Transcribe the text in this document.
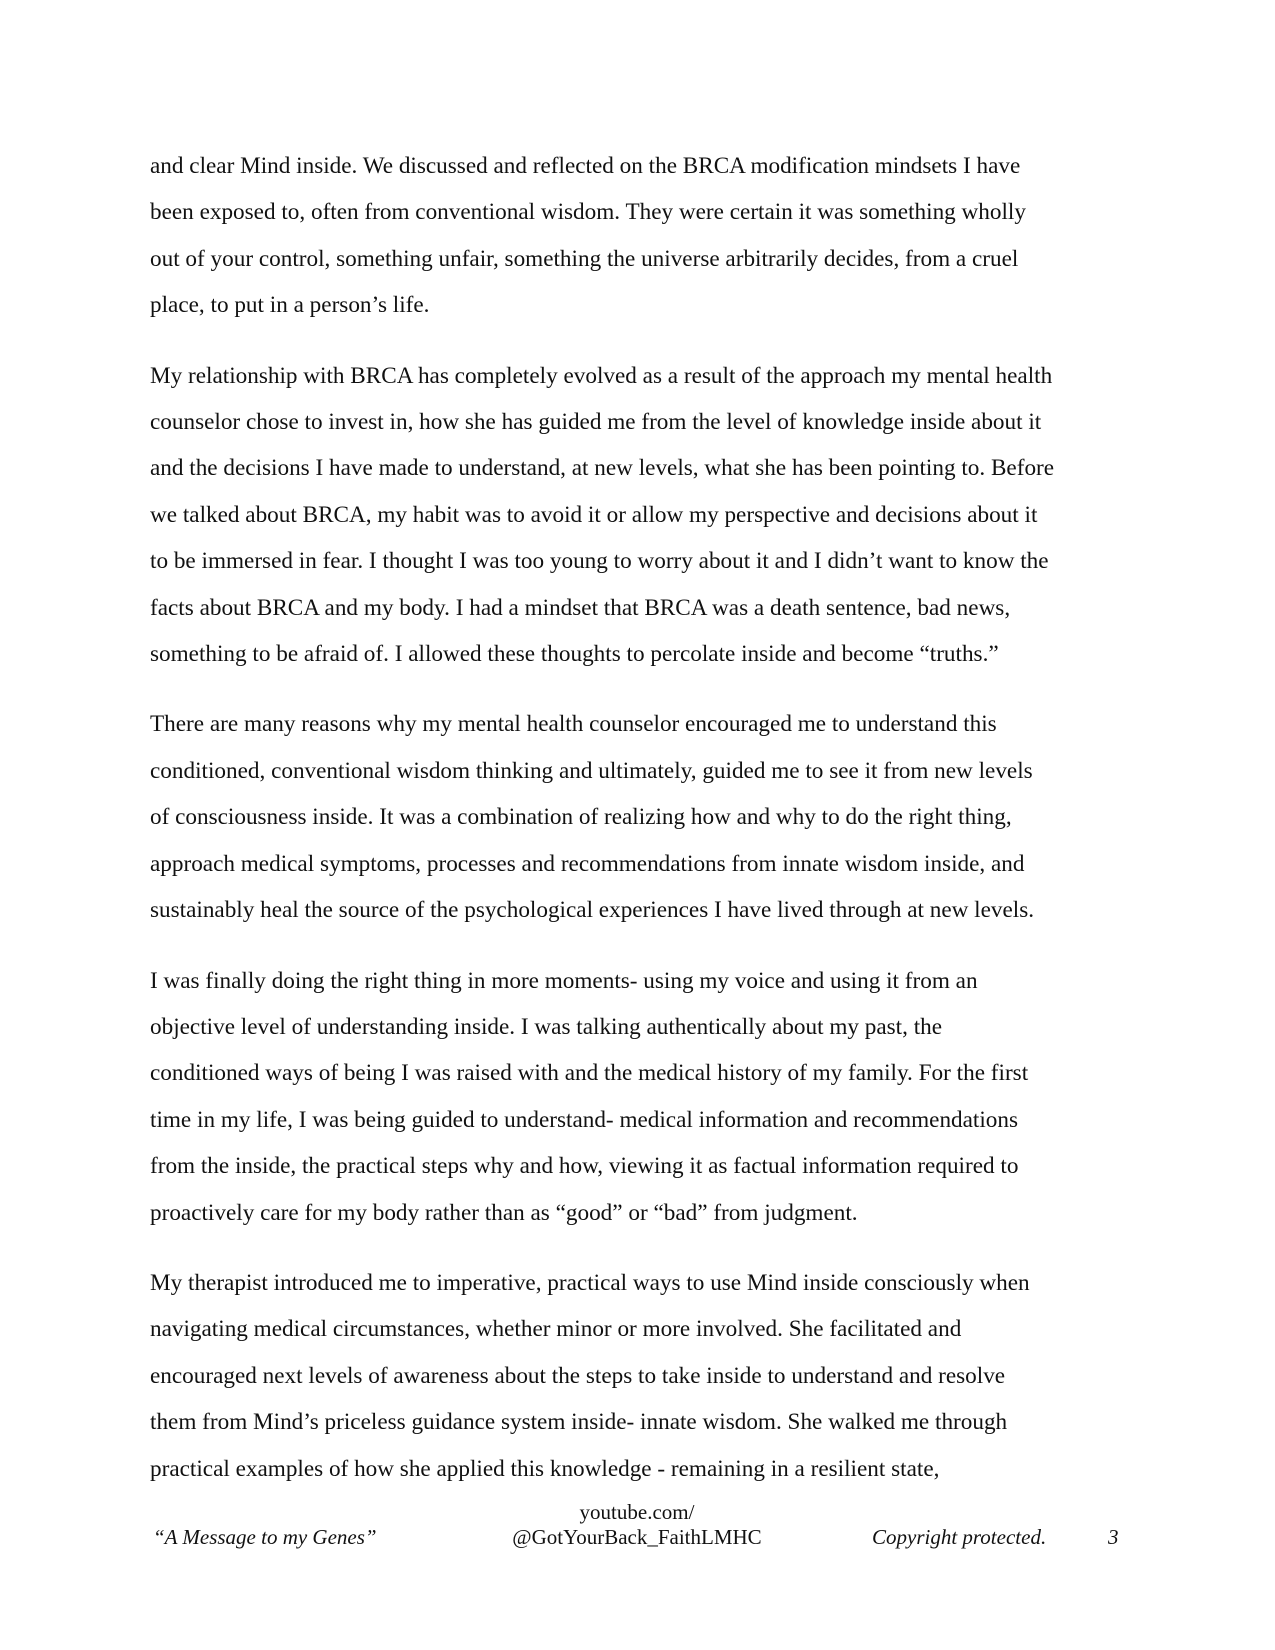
and clear Mind inside. We discussed and reflected on the BRCA modification mindsets I have
been exposed to, often from conventional wisdom. They were certain it was something wholly
out of your control, something unfair, something the universe arbitrarily decides, from a cruel
place, to put in a person’s life.

My relationship with BRCA has completely evolved as a result of the approach my mental health
counselor chose to invest in, how she has guided me from the level of knowledge inside about it
and the decisions I have made to understand, at new levels, what she has been pointing to. Before
we talked about BRCA, my habit was to avoid it or allow my perspective and decisions about it
to be immersed in fear. I thought I was too young to worry about it and I didn’t want to know the
facts about BRCA and my body. I had a mindset that BRCA was a death sentence, bad news,
something to be afraid of. I allowed these thoughts to percolate inside and become “truths.”

There are many reasons why my mental health counselor encouraged me to understand this
conditioned, conventional wisdom thinking and ultimately, guided me to see it from new levels
of consciousness inside. It was a combination of realizing how and why to do the right thing,
approach medical symptoms, processes and recommendations from innate wisdom inside, and
sustainably heal the source of the psychological experiences I have lived through at new levels.

I was finally doing the right thing in more moments- using my voice and using it from an
objective level of understanding inside. I was talking authentically about my past, the
conditioned ways of being I was raised with and the medical history of my family. For the first
time in my life, I was being guided to understand- medical information and recommendations
from the inside, the practical steps why and how, viewing it as factual information required to
proactively care for my body rather than as “good” or “bad” from judgment.

My therapist introduced me to imperative, practical ways to use Mind inside consciously when
navigating medical circumstances, whether minor or more involved. She facilitated and
encouraged next levels of awareness about the steps to take inside to understand and resolve
them from Mind’s priceless guidance system inside- innate wisdom. She walked me through
practical examples of how she applied this knowledge - remaining in a resilient state,

“A Message to my Genes”
youtube.com/
@GotYourBack_FaithLMHC	Copyright protected.	3
